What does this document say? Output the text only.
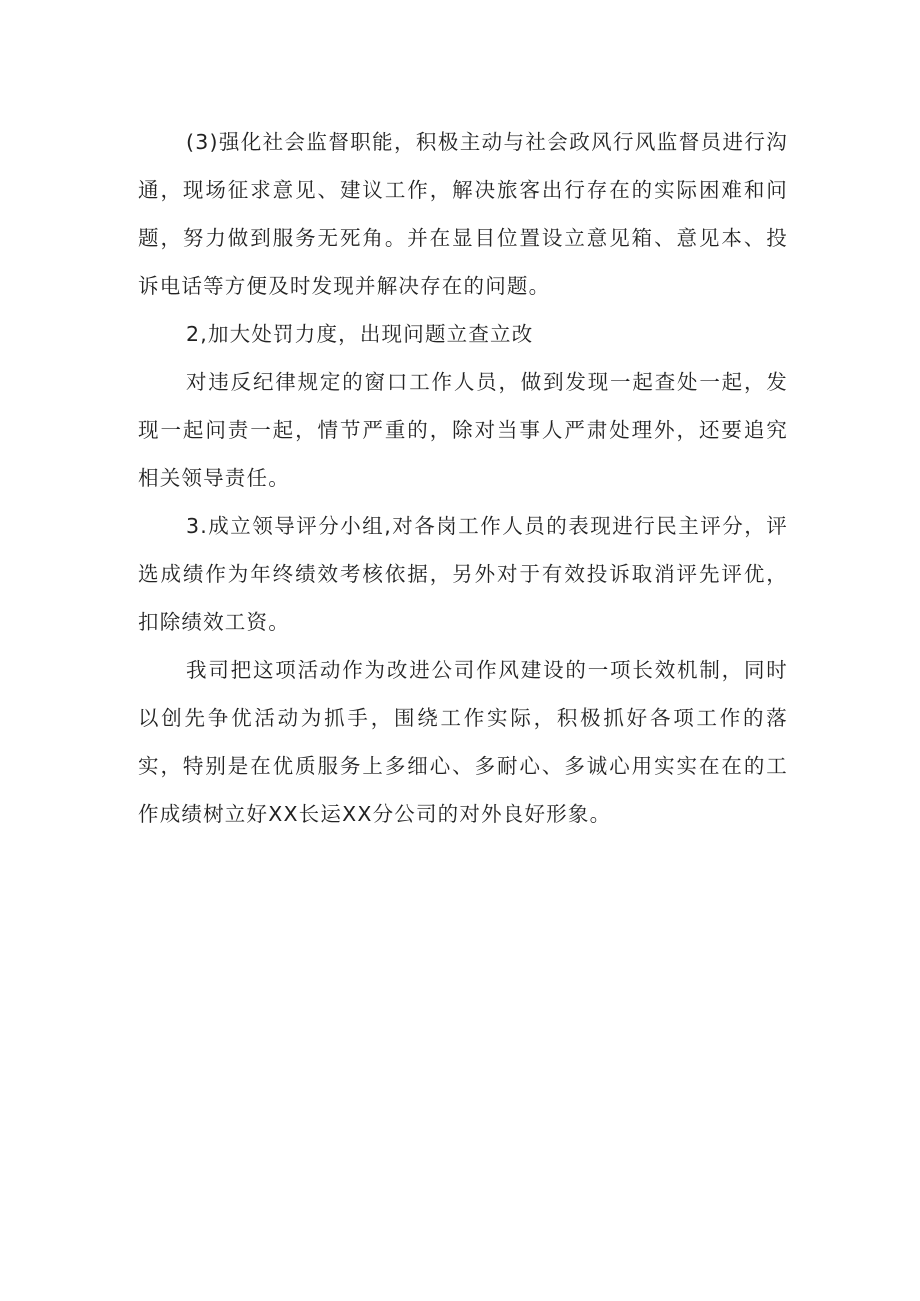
(3)强化社会监督职能，积极主动与社会政风行风监督员进行沟通，现场征求意见、建议工作，解决旅客出行存在的实际困难和问题，努力做到服务无死角。并在显目位置设立意见箱、意见本、投诉电话等方便及时发现并解决存在的问题。

2,加大处罚力度，出现问题立查立改

对违反纪律规定的窗口工作人员，做到发现一起查处一起，发现一起问责一起，情节严重的，除对当事人严肃处理外，还要追究相关领导责任。

3.成立领导评分小组,对各岗工作人员的表现进行民主评分，评选成绩作为年终绩效考核依据，另外对于有效投诉取消评先评优，扣除绩效工资。

我司把这项活动作为改进公司作风建设的一项长效机制，同时以创先争优活动为抓手，围绕工作实际，积极抓好各项工作的落实，特别是在优质服务上多细心、多耐心、多诚心用实实在在的工作成绩树立好XX长运XX分公司的对外良好形象。
